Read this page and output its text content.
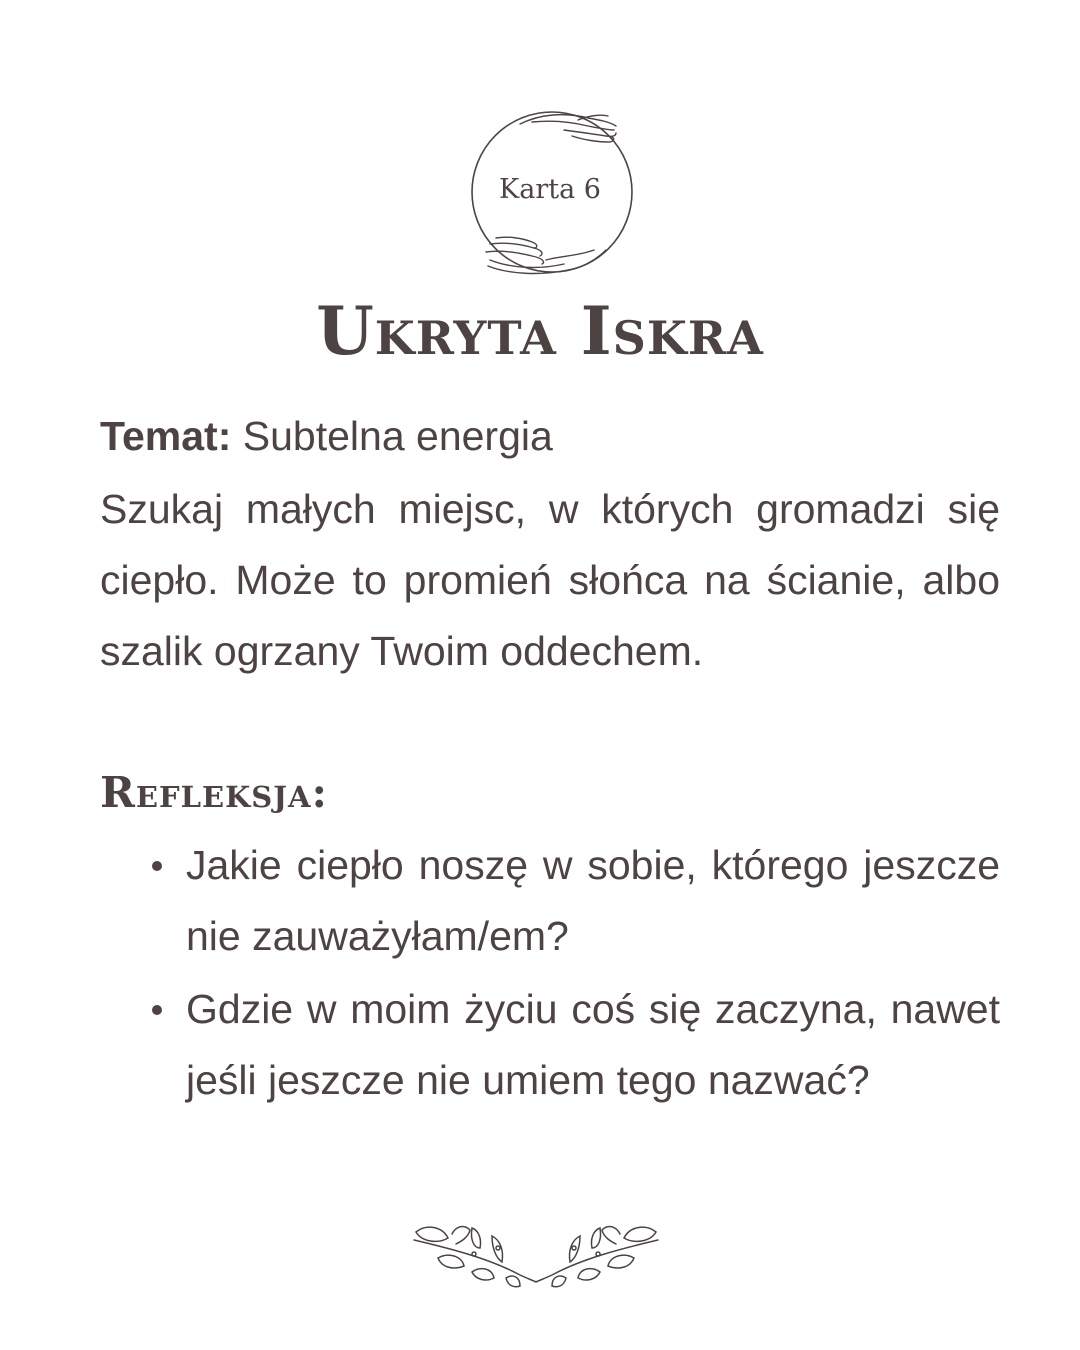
Karta 6
Ukryta Iskra
Temat: Subtelna energia

Szukaj małych miejsc, w których gromadzi się ciepło. Może to promień słońca na ścianie, albo szalik ogrzany Twoim oddechem.

Refleksja:
Jakie ciepło noszę w sobie, którego jeszcze nie zauważyłam/em?
Gdzie w moim życiu coś się zaczyna, nawet jeśli jeszcze nie umiem tego nazwać?
